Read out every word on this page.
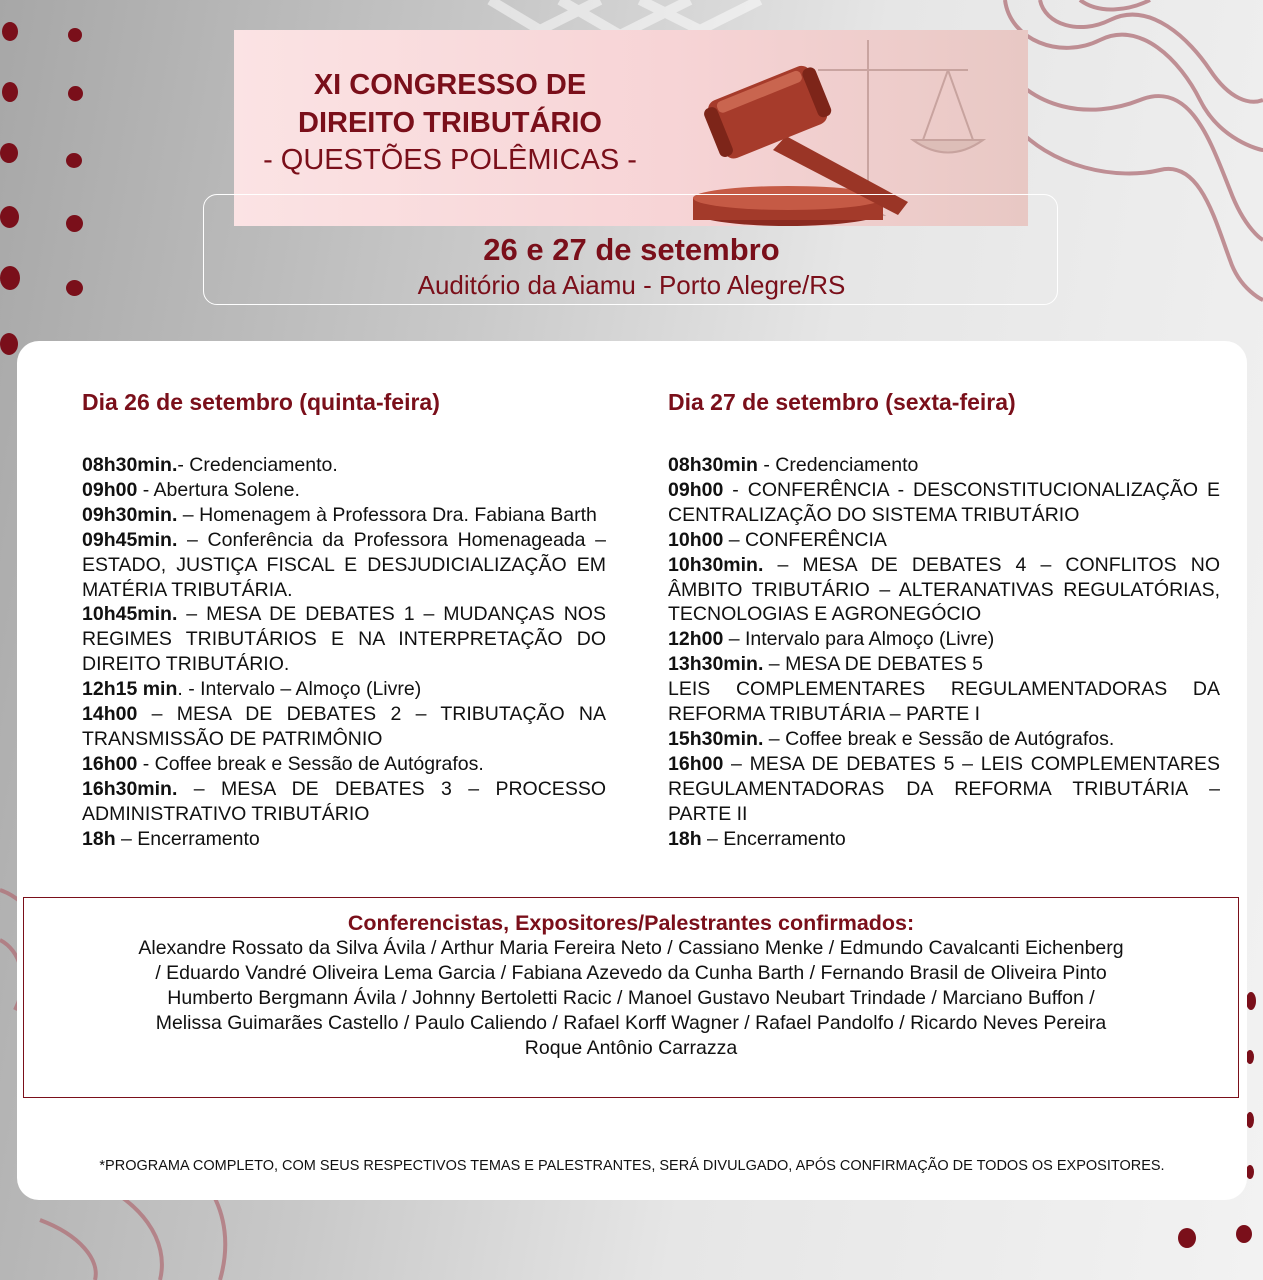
XI CONGRESSO DE
DIREITO TRIBUTÁRIO
- QUESTÕES POLÊMICAS -
26 e 27 de setembro
Auditório da Aiamu - Porto Alegre/RS
Dia 26 de setembro (quinta-feira)

08h30min.- Credenciamento.

09h00 - Abertura Solene.

09h30min. – Homenagem à Professora Dra. Fabiana Barth

09h45min. – Conferência da Professora Homenageada – ESTADO, JUSTIÇA FISCAL E DESJUDICIALIZAÇÃO EM MATÉRIA TRIBUTÁRIA.

10h45min. – MESA DE DEBATES 1 – MUDANÇAS NOS REGIMES TRIBUTÁRIOS E NA INTERPRETAÇÃO DO DIREITO TRIBUTÁRIO.

12h15 min. - Intervalo – Almoço (Livre)

14h00 – MESA DE DEBATES 2 – TRIBUTAÇÃO NA TRANSMISSÃO DE PATRIMÔNIO

16h00 - Coffee break e Sessão de Autógrafos.

16h30min. – MESA DE DEBATES 3 – PROCESSO ADMINISTRATIVO TRIBUTÁRIO

18h – Encerramento

Dia 27 de setembro (sexta-feira)

08h30min - Credenciamento

09h00 - CONFERÊNCIA - DESCONSTITUCIONALIZAÇÃO E CENTRALIZAÇÃO DO SISTEMA TRIBUTÁRIO

10h00 – CONFERÊNCIA

10h30min. – MESA DE DEBATES 4 – CONFLITOS NO ÂMBITO TRIBUTÁRIO – ALTERANATIVAS REGULATÓRIAS, TECNOLOGIAS E AGRONEGÓCIO

12h00 – Intervalo para Almoço (Livre)

13h30min. – MESA DE DEBATES 5

LEIS COMPLEMENTARES REGULAMENTADORAS DA REFORMA TRIBUTÁRIA – PARTE I

15h30min. – Coffee break e Sessão de Autógrafos.

16h00 – MESA DE DEBATES 5 – LEIS COMPLEMENTARES REGULAMENTADORAS DA REFORMA TRIBUTÁRIA – PARTE II

18h – Encerramento

Conferencistas, Expositores/Palestrantes confirmados:
Alexandre Rossato da Silva Ávila / Arthur Maria Fereira Neto / Cassiano Menke / Edmundo Cavalcanti Eichenberg
/ Eduardo Vandré Oliveira Lema Garcia / Fabiana Azevedo da Cunha Barth / Fernando Brasil de Oliveira Pinto
Humberto Bergmann Ávila / Johnny Bertoletti Racic / Manoel Gustavo Neubart Trindade / Marciano Buffon /
Melissa Guimarães Castello / Paulo Caliendo / Rafael Korff Wagner / Rafael Pandolfo / Ricardo Neves Pereira
Roque Antônio Carrazza
*PROGRAMA COMPLETO, COM SEUS RESPECTIVOS TEMAS E PALESTRANTES, SERÁ DIVULGADO, APÓS CONFIRMAÇÃO DE TODOS OS EXPOSITORES.
